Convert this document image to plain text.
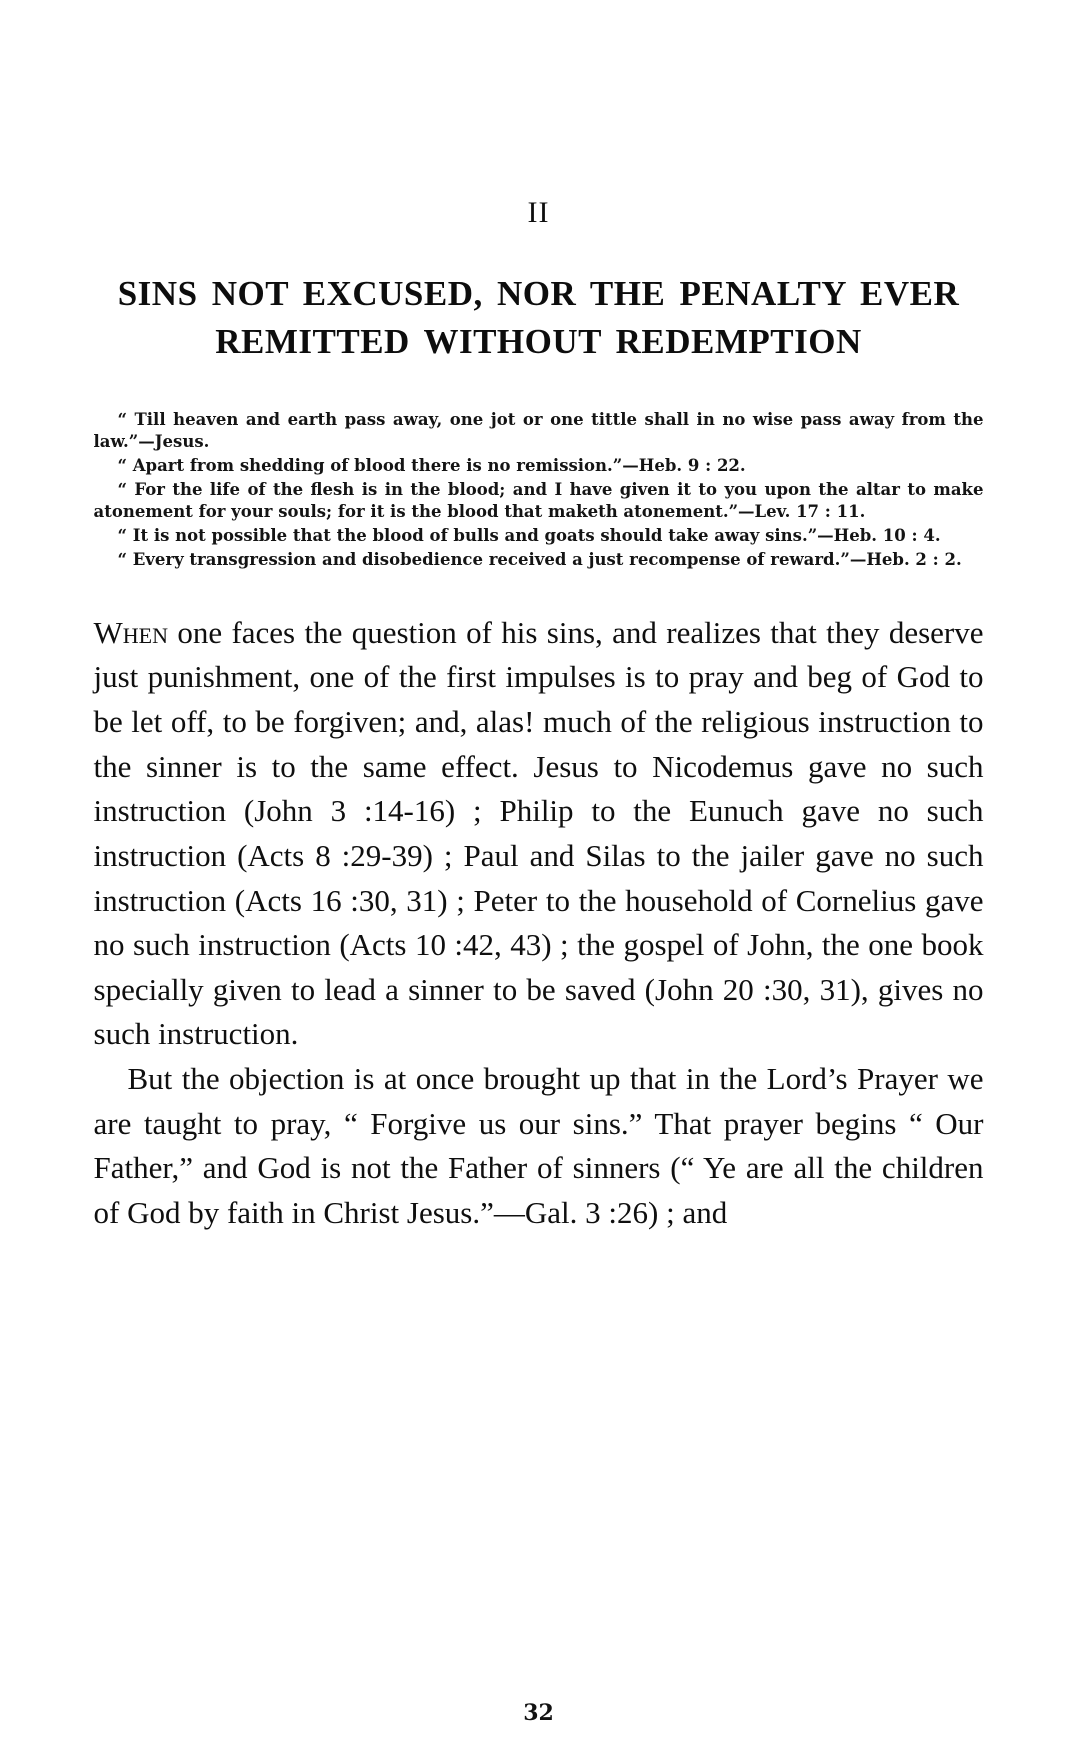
II
SINS NOT EXCUSED, NOR THE PENALTY EVER REMITTED WITHOUT REDEMPTION

“ Till heaven and earth pass away, one jot or one tittle shall in no wise pass away from the law.”—Jesus.

“ Apart from shedding of blood there is no remission.”—Heb. 9 : 22.

“ For the life of the flesh is in the blood; and I have given it to you upon the altar to make atonement for your souls; for it is the blood that maketh atonement.”—Lev. 17 : 11.

“ It is not possible that the blood of bulls and goats should take away sins.”—Heb. 10 : 4.

“ Every transgression and disobedience received a just recompense of reward.”—Heb. 2 : 2.

When one faces the question of his sins, and realizes that they deserve just punishment, one of the first impulses is to pray and beg of God to be let off, to be forgiven; and, alas! much of the religious instruction to the sinner is to the same effect. Jesus to Nicodemus gave no such instruction (John 3 :14-16) ; Philip to the Eunuch gave no such instruction (Acts 8 :29-39) ; Paul and Silas to the jailer gave no such instruction (Acts 16 :30, 31) ; Peter to the household of Cornelius gave no such instruction (Acts 10 :42, 43) ; the gospel of John, the one book specially given to lead a sinner to be saved (John 20 :30, 31), gives no such instruction.

But the objection is at once brought up that in the Lord’s Prayer we are taught to pray, “ Forgive us our sins.” That prayer begins “ Our Father,” and God is not the Father of sinners (“ Ye are all the children of God by faith in Christ Jesus.”—Gal. 3 :26) ; and

32
